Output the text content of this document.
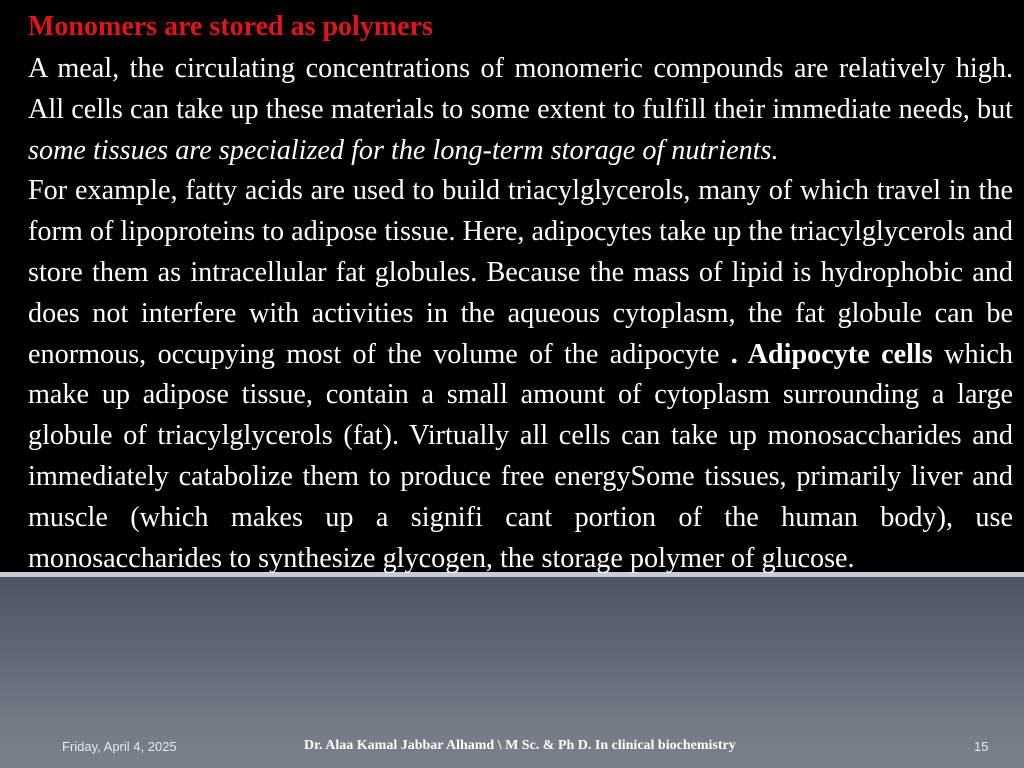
Monomers are stored as polymers

A meal, the circulating concentrations of monomeric compounds are relatively high. All cells can take up these materials to some extent to fulfill their immediate needs, but some tissues are specialized for the long-term storage of nutrients.

For example, fatty acids are used to build triacylglycerols, many of which travel in the form of lipoproteins to adipose tissue. Here, adipocytes take up the triacylglycerols and store them as intracellular fat globules. Because the mass of lipid is hydrophobic and does not interfere with activities in the aqueous cytoplasm, the fat globule can be enormous, occupying most of the volume of the adipocyte . Adipocyte cells which make up adipose tissue, contain a small amount of cytoplasm surrounding a large globule of triacylglycerols (fat). Virtually all cells can take up monosaccharides and immediately catabolize them to produce free energySome tissues, primarily liver and muscle (which makes up a signifi cant portion of the human body), use monosaccharides to synthesize glycogen, the storage polymer of glucose.

Friday, April 4, 2025	Dr. Alaa Kamal Jabbar Alhamd \ M Sc. & Ph D. In clinical biochemistry	15
